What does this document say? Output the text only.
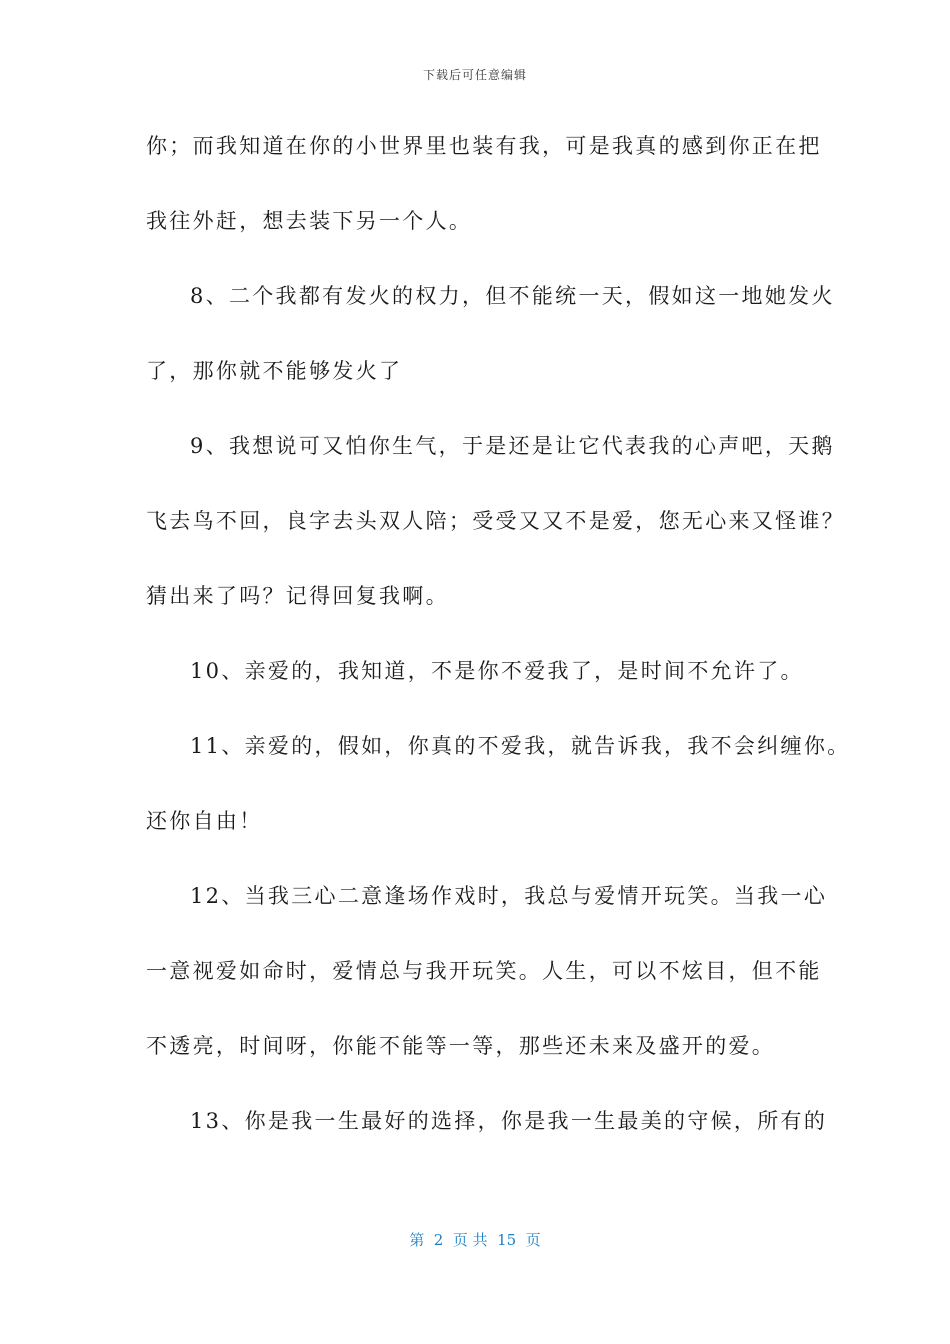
下载后可任意编辑
你；而我知道在你的小世界里也装有我，可是我真的感到你正在把
我往外赶，想去装下另一个人。
8、二个我都有发火的权力，但不能统一天，假如这一地她发火
了，那你就不能够发火了
9、我想说可又怕你生气，于是还是让它代表我的心声吧，天鹅
飞去鸟不回，良字去头双人陪；受受又又不是爱，您无心来又怪谁？
猜出来了吗？记得回复我啊。
10、亲爱的，我知道，不是你不爱我了，是时间不允许了。
11、亲爱的，假如，你真的不爱我，就告诉我，我不会纠缠你。
还你自由！
12、当我三心二意逢场作戏时，我总与爱情开玩笑。当我一心
一意视爱如命时，爱情总与我开玩笑。人生，可以不炫目，但不能
不透亮，时间呀，你能不能等一等，那些还未来及盛开的爱。
13、你是我一生最好的选择，你是我一生最美的守候，所有的
第  2  页 共  15  页
